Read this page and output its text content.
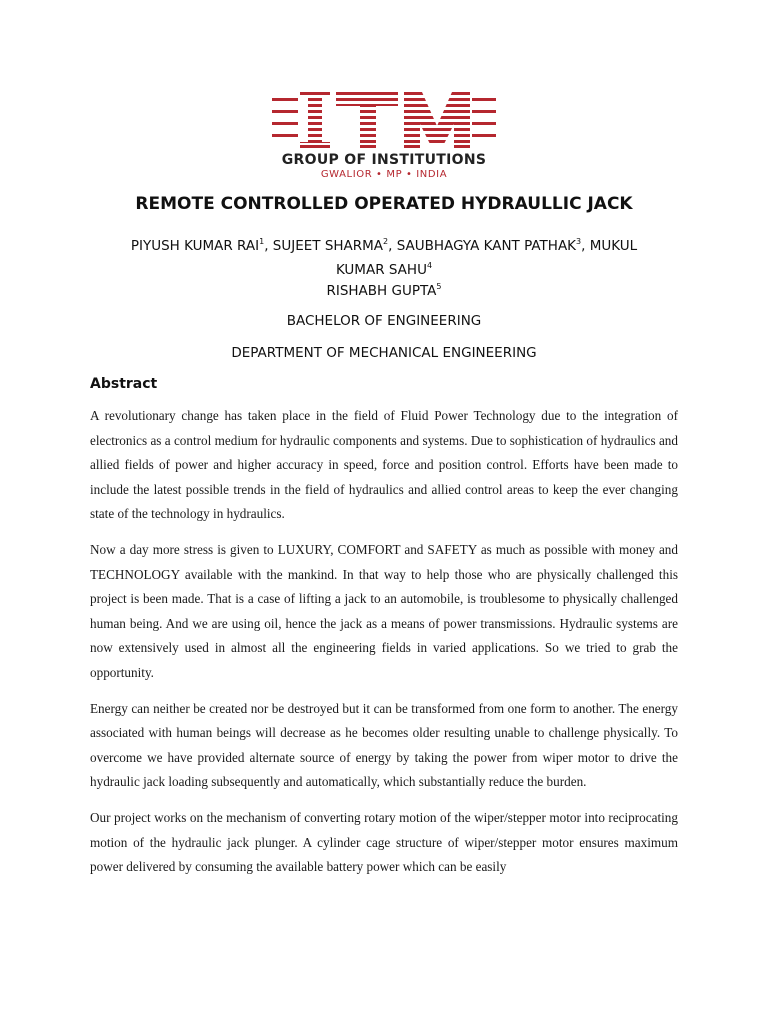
GROUP OF INSTITUTIONS
GWALIOR • MP • INDIA
REMOTE CONTROLLED OPERATED HYDRAULLIC JACK
PIYUSH KUMAR RAI$^1$, SUJEET SHARMA$^2$, SAUBHAGYA KANT PATHAK$^3$, MUKUL KUMAR SAHU$^4$
RISHABH GUPTA$^5$
BACHELOR OF ENGINEERING
DEPARTMENT OF MECHANICAL ENGINEERING
Abstract

A revolutionary change has taken place in the field of Fluid Power Technology due to the integration of electronics as a control medium for hydraulic components and systems. Due to sophistication of hydraulics and allied fields of power and higher accuracy in speed, force and position control. Efforts have been made to include the latest possible trends in the field of hydraulics and allied control areas to keep the ever changing state of the technology in hydraulics.

Now a day more stress is given to LUXURY, COMFORT and SAFETY as much as possible with money and TECHNOLOGY available with the mankind. In that way to help those who are physically challenged this project is been made. That is a case of lifting a jack to an automobile, is troublesome to physically challenged human being. And we are using oil, hence the jack as a means of power transmissions. Hydraulic systems are now extensively used in almost all the engineering fields in varied applications. So we tried to grab the opportunity.

Energy can neither be created nor be destroyed but it can be transformed from one form to another. The energy associated with human beings will decrease as he becomes older resulting unable to challenge physically. To overcome we have provided alternate source of energy by taking the power from wiper motor to drive the hydraulic jack loading subsequently and automatically, which substantially reduce the burden.

Our project works on the mechanism of converting rotary motion of the wiper/stepper motor into reciprocating motion of the hydraulic jack plunger. A cylinder cage structure of wiper/stepper motor ensures maximum power delivered by consuming the available battery power which can be easily
